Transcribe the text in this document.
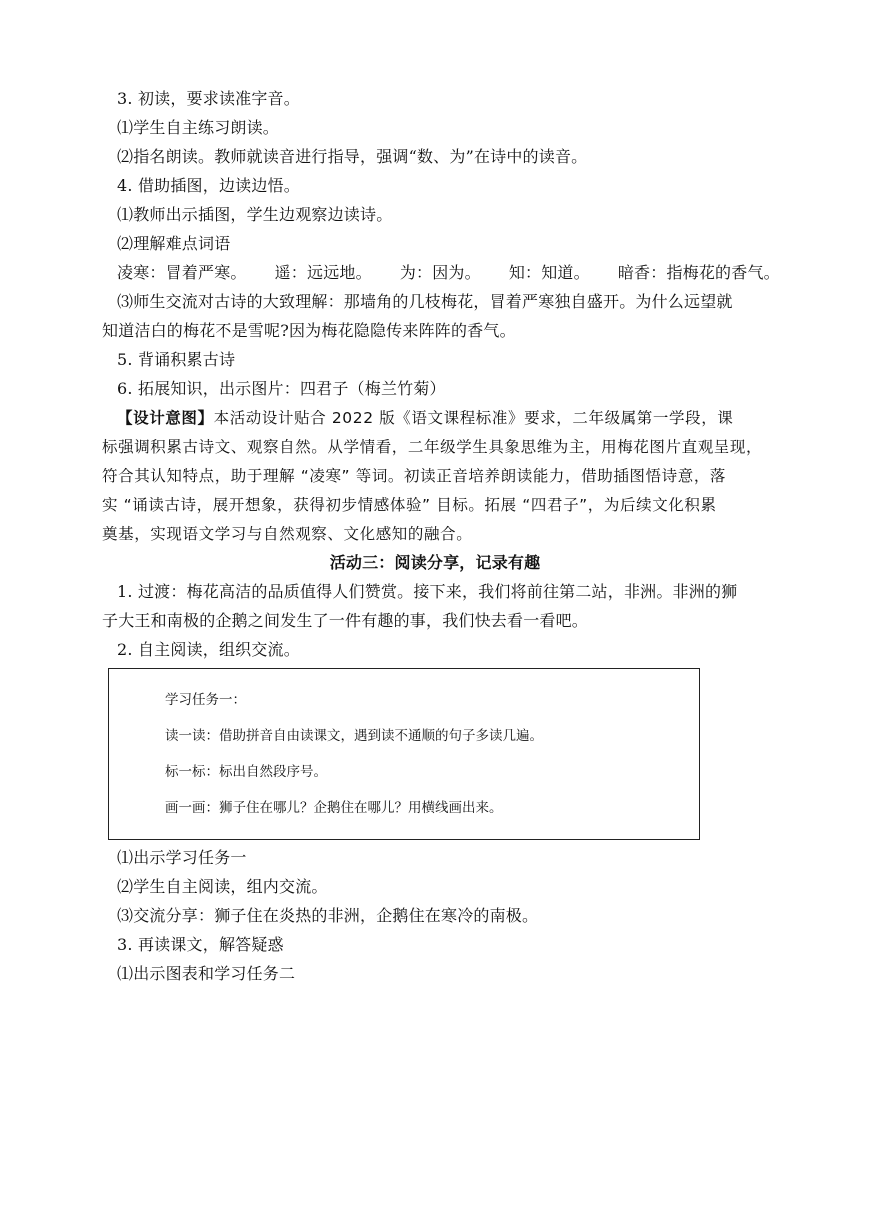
3. 初读，要求读准字音。
⑴学生自主练习朗读。
⑵指名朗读。教师就读音进行指导，强调“数、为”在诗中的读音。
4. 借助插图，边读边悟。
⑴教师出示插图，学生边观察边读诗。
⑵理解难点词语
凌寒：冒着严寒。 遥：远远地。 为：因为。 知：知道。 暗香：指梅花的香气。
⑶师生交流对古诗的大致理解：那墙角的几枝梅花，冒着严寒独自盛开。为什么远望就
知道洁白的梅花不是雪呢?因为梅花隐隐传来阵阵的香气。
5. 背诵积累古诗
6. 拓展知识，出示图片：四君子（梅兰竹菊）
【设计意图】本活动设计贴合 2022 版《语文课程标准》要求，二年级属第一学段，课
标强调积累古诗文、观察自然。从学情看，二年级学生具象思维为主，用梅花图片直观呈现，
符合其认知特点，助于理解 “凌寒” 等词。初读正音培养朗读能力，借助插图悟诗意，落
实 “诵读古诗，展开想象，获得初步情感体验” 目标。拓展 “四君子”，为后续文化积累
奠基，实现语文学习与自然观察、文化感知的融合。
活动三：阅读分享，记录有趣
1. 过渡：梅花高洁的品质值得人们赞赏。接下来，我们将前往第二站，非洲。非洲的狮
子大王和南极的企鹅之间发生了一件有趣的事，我们快去看一看吧。
2. 自主阅读，组织交流。
学习任务一：
读一读：借助拼音自由读课文，遇到读不通顺的句子多读几遍。
标一标：标出自然段序号。
画一画：狮子住在哪儿？企鹅住在哪儿？用横线画出来。
⑴出示学习任务一
⑵学生自主阅读，组内交流。
⑶交流分享：狮子住在炎热的非洲，企鹅住在寒冷的南极。
3. 再读课文，解答疑惑
⑴出示图表和学习任务二
